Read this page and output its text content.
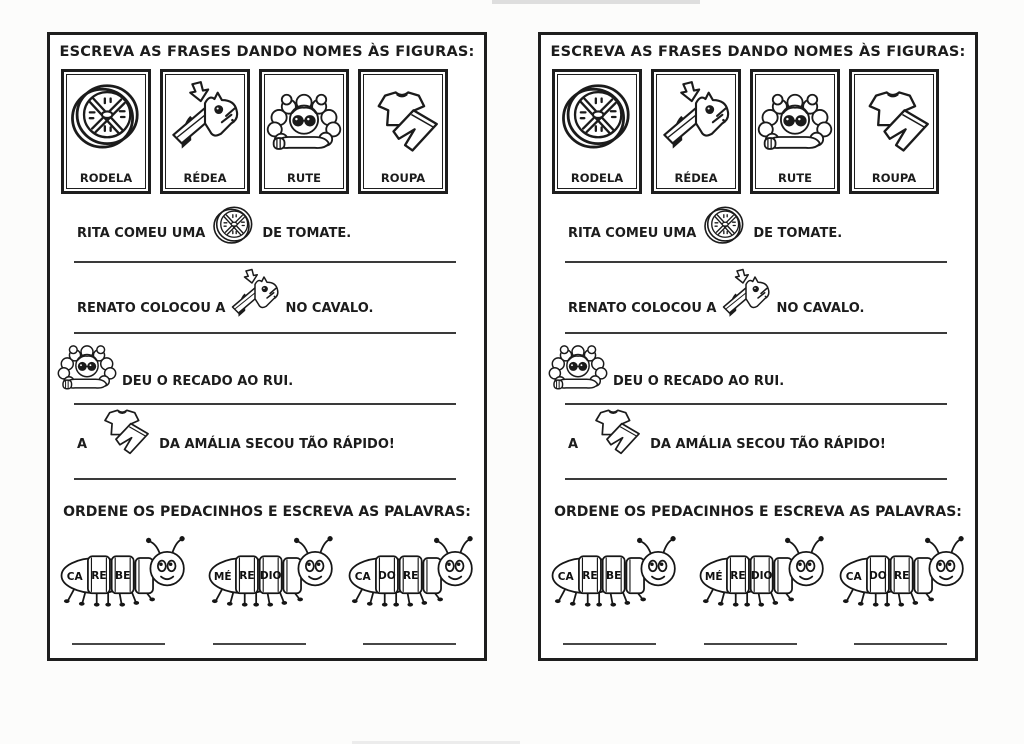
ESCREVA AS FRASES DANDO NOMES ÀS FIGURAS:
RODELA	RÉDEA	RUTE	ROUPA
RITA COMEU UMA	DE TOMATE.
RENATO COLOCOU A	NO CAVALO.
DEU O RECADO AO RUI.
A	DA AMÁLIA SECOU TÃO RÁPIDO!
ORDENE OS PEDACINHOS E ESCREVA AS PALAVRAS:
CA RE BE	MÉ RE DIO	CA DO RE
ESCREVA AS FRASES DANDO NOMES ÀS FIGURAS:
RODELA	RÉDEA	RUTE	ROUPA
RITA COMEU UMA	DE TOMATE.
RENATO COLOCOU A	NO CAVALO.
DEU O RECADO AO RUI.
A	DA AMÁLIA SECOU TÃO RÁPIDO!
ORDENE OS PEDACINHOS E ESCREVA AS PALAVRAS:
CA RE BE	MÉ RE DIO	CA DO RE
